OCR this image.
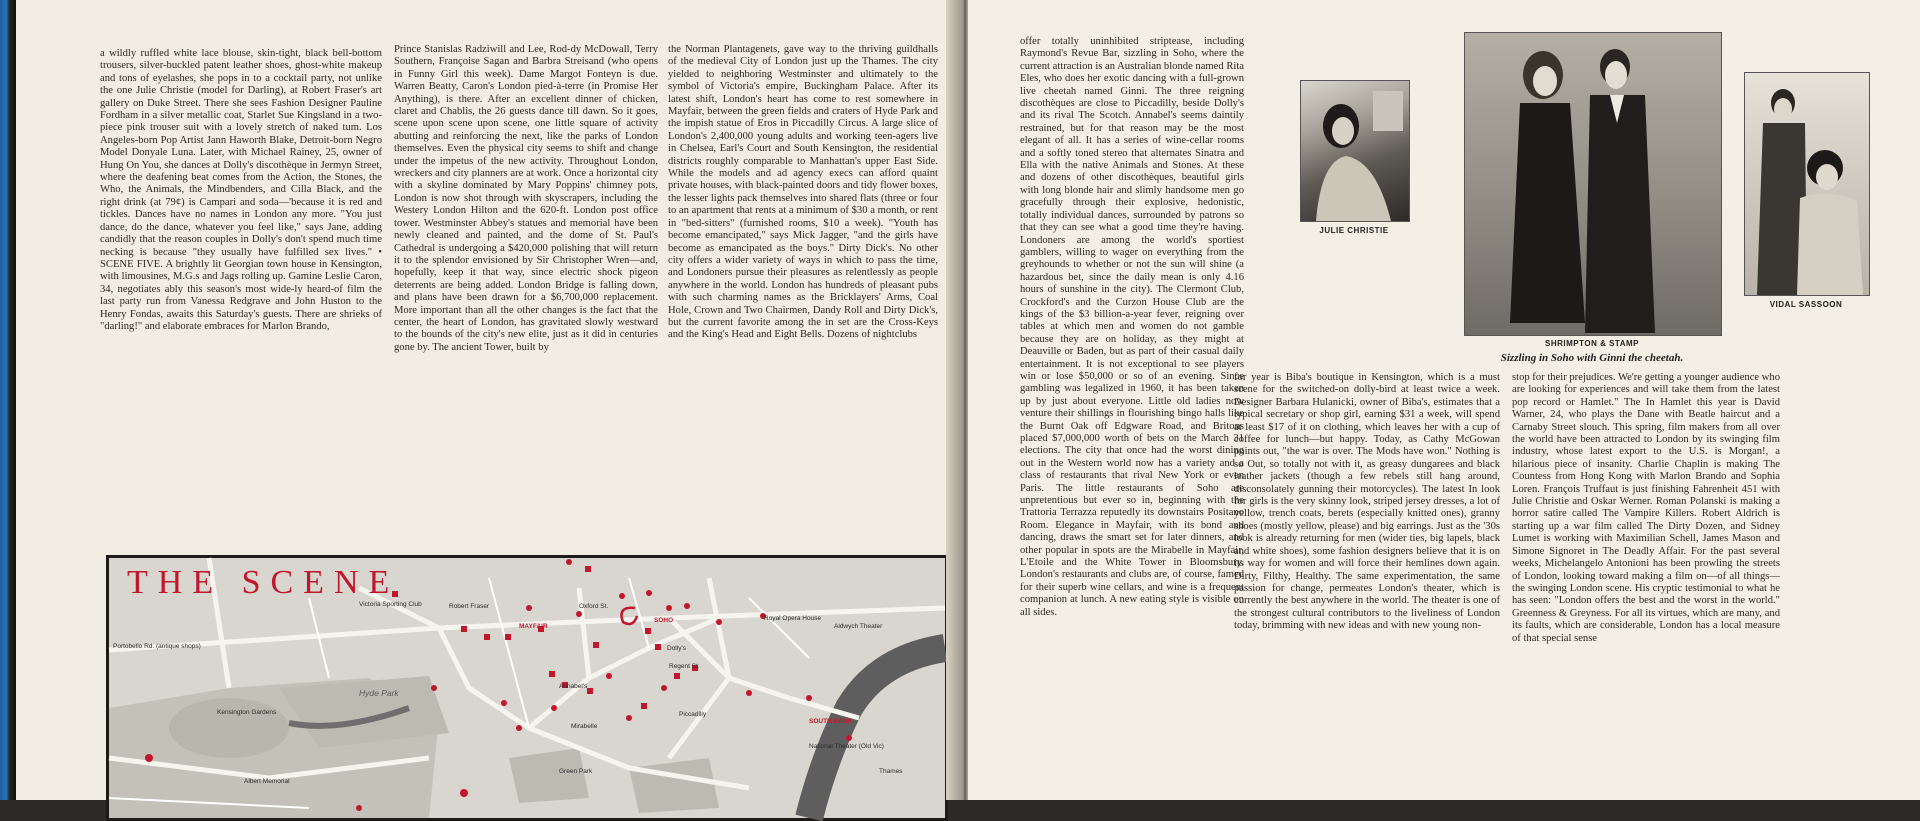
a wildly ruffled white lace blouse, skin-tight, black bell-bottom trousers, silver-buckled patent leather shoes, ghost-white makeup and tons of eyelashes, she pops in to a cocktail party, not unlike the one Julie Christie (model for Darling), at Robert Fraser's art gallery on Duke Street. There she sees Fashion Designer Pauline Fordham in a silver metallic coat, Starlet Sue Kingsland in a two-piece pink trouser suit with a lovely stretch of naked tum. Los Angeles-born Pop Artist Jann Haworth Blake, Detroit-born Negro Model Donyale Luna. Later, with Michael Rainey, 25, owner of Hung On You, she dances at Dolly's discothèque in Jermyn Street, where the deafening beat comes from the Action, the Stones, the Who, the Animals, the Mindbenders, and Cilla Black, and the right drink (at 79¢) is Campari and soda—'because it is red and tickles. Dances have no names in London any more. "You just dance, do the dance, whatever you feel like," says Jane, adding candidly that the reason couples in Dolly's don't spend much time necking is because "they usually have fulfilled sex lives." • SCENE FIVE. A brightly lit Georgian town house in Kensington, with limousines, M.G.s and Jags rolling up. Gamine Leslie Caron, 34, negotiates ably this season's most wide-ly heard-of film the last party run from Vanessa Redgrave and John Huston to the Henry Fondas, awaits this Saturday's guests. There are shrieks of "darling!" and elaborate embraces for Marlon Brando,

Prince Stanislas Radziwill and Lee, Rod-dy McDowall, Terry Southern, Françoise Sagan and Barbra Streisand (who opens in Funny Girl this week). Dame Margot Fonteyn is due. Warren Beatty, Caron's London pied-à-terre (in Promise Her Anything), is there. After an excellent dinner of chicken, claret and Chablis, the 26 guests dance till dawn. So it goes, scene upon scene upon scene, one little square of activity abutting and reinforcing the next, like the parks of London themselves. Even the physical city seems to shift and change under the impetus of the new activity. Throughout London, wreckers and city planners are at work. Once a horizontal city with a skyline dominated by Mary Poppins' chimney pots, London is now shot through with skyscrapers, including the Westery London Hilton and the 620-ft. London post office tower. Westminster Abbey's statues and memorial have been newly cleaned and painted, and the dome of St. Paul's Cathedral is undergoing a $420,000 polishing that will return it to the splendor envisioned by Sir Christopher Wren—and, hopefully, keep it that way, since electric shock pigeon deterrents are being added. London Bridge is falling down, and plans have been drawn for a $6,700,000 replacement. More important than all the other changes is the fact that the center, the heart of London, has gravitated slowly westward to the bounds of the city's new elite, just as it did in centuries gone by. The ancient Tower, built by

the Norman Plantagenets, gave way to the thriving guildhalls of the medieval City of London just up the Thames. The city yielded to neighboring Westminster and ultimately to the symbol of Victoria's empire, Buckingham Palace. After its latest shift, London's heart has come to rest somewhere in Mayfair, between the green fields and craters of Hyde Park and the impish statue of Eros in Piccadilly Circus. A large slice of London's 2,400,000 young adults and working teen-agers live in Chelsea, Earl's Court and South Kensington, the residential districts roughly comparable to Manhattan's upper East Side. While the models and ad agency execs can afford quaint private houses, with black-painted doors and tidy flower boxes, the lesser lights pack themselves into shared flats (three or four to an apartment that rents at a minimum of $30 a month, or rent in "bed-sitters" (furnished rooms, $10 a week). "Youth has become emancipated," says Mick Jagger, "and the girls have become as emancipated as the boys." Dirty Dick's. No other city offers a wider variety of ways in which to pass the time, and Londoners pursue their pleasures as relentlessly as people anywhere in the world. London has hundreds of pleasant pubs with such charming names as the Bricklayers' Arms, Coal Hole, Crown and Two Chairmen, Dandy Roll and Dirty Dick's, but the current favorite among the in set are the Cross-Keys and the King's Head and Eight Bells. Dozens of nightclubs

MAYFAIR
SOHO
SOUTH BANK
Hyde Park
Kensington Gardens
Green Park	Thames
Piccadilly
Oxford St.
Victoria Sporting Club	Robert Fraser
Royal Opera House
Aldwych Theater
Annabel's
Mirabelle
Dolly's
Albert Memorial
National Theater (Old Vic)
Regent St.
Portobello Rd. (antique shops)
THE SCENE

offer totally uninhibited striptease, including Raymond's Revue Bar, sizzling in Soho, where the current attraction is an Australian blonde named Rita Eles, who does her exotic dancing with a full-grown live cheetah named Ginni. The three reigning discothèques are close to Piccadilly, beside Dolly's and its rival The Scotch. Annabel's seems daintily restrained, but for that reason may be the most elegant of all. It has a series of wine-cellar rooms and a softly toned stereo that alternates Sinatra and Ella with the native Animals and Stones. At these and dozens of other discothèques, beautiful girls with long blonde hair and slimly handsome men go gracefully through their explosive, hedonistic, totally individual dances, surrounded by patrons so that they can see what a good time they're having. Londoners are among the world's sportiest gamblers, willing to wager on everything from the greyhounds to whether or not the sun will shine (a hazardous bet, since the daily mean is only 4.16 hours of sunshine in the city). The Clermont Club, Crockford's and the Curzon House Club are the kings of the $3 billion-a-year fever, reigning over tables at which men and women do not gamble because they are on holiday, as they might at Deauville or Baden, but as part of their casual daily entertainment. It is not exceptional to see players win or lose $50,000 or so of an evening. Since gambling was legalized in 1960, it has been taken up by just about everyone. Little old ladies now venture their shillings in flourishing bingo halls like the Burnt Oak off Edgware Road, and Britons placed $7,000,000 worth of bets on the March 31 elections. The city that once had the worst dining out in the Western world now has a variety and a class of restaurants that rival New York or even Paris. The little restaurants of Soho are unpretentious but ever so in, beginning with the Trattoria Terrazza reputedly its downstairs Positano Room. Elegance in Mayfair, with its bond and dancing, draws the smart set for later dinners, and other popular in spots are the Mirabelle in Mayfair, L'Etoile and the White Tower in Bloomsbury. London's restaurants and clubs are, of course, famed for their superb wine cellars, and wine is a frequent companion at lunch. A new eating style is visible on all sides.

for year is Biba's boutique in Kensington, which is a must scene for the switched-on dolly-bird at least twice a week. Designer Barbara Hulanicki, owner of Biba's, estimates that a typical secretary or shop girl, earning $31 a week, will spend at least $17 of it on clothing, which leaves her with a cup of coffee for lunch—but happy. Today, as Cathy McGowan points out, "the war is over. The Mods have won." Nothing is so Out, so totally not with it, as greasy dungarees and black leather jackets (though a few rebels still hang around, disconsolately gunning their motorcycles). The latest In look for girls is the very skinny look, striped jersey dresses, a lot of yellow, trench coats, berets (especially knitted ones), granny shoes (mostly yellow, please) and big earrings. Just as the '30s look is already returning for men (wider ties, big lapels, black and white shoes), some fashion designers believe that it is on its way for women and will force their hemlines down again. Dirty, Filthy, Healthy. The same experimentation, the same passion for change, permeates London's theater, which is currently the best anywhere in the world. The theater is one of the strongest cultural contributors to the liveliness of London today, brimming with new ideas and with new young non-

stop for their prejudices. We're getting a younger audience who are looking for experiences and will take them from the latest pop record or Hamlet." The In Hamlet this year is David Warner, 24, who plays the Dane with Beatle haircut and a Carnaby Street slouch. This spring, film makers from all over the world have been attracted to London by its swinging film industry, whose latest export to the U.S. is Morgan!, a hilarious piece of insanity. Charlie Chaplin is making The Countess from Hong Kong with Marlon Brando and Sophia Loren. François Truffaut is just finishing Fahrenheit 451 with Julie Christie and Oskar Werner. Roman Polanski is making a horror satire called The Vampire Killers. Robert Aldrich is starting up a war film called The Dirty Dozen, and Sidney Lumet is working with Maximilian Schell, James Mason and Simone Signoret in The Deadly Affair. For the past several weeks, Michelangelo Antonioni has been prowling the streets of London, looking toward making a film on—of all things—the swinging London scene. His cryptic testimonial to what he has seen: "London offers the best and the worst in the world." Greenness & Greyness. For all its virtues, which are many, and its faults, which are considerable, London has a local measure of that special sense

JULIE CHRISTIE
SHRIMPTON & STAMP
Sizzling in Soho with Ginni the cheetah.
VIDAL SASSOON
